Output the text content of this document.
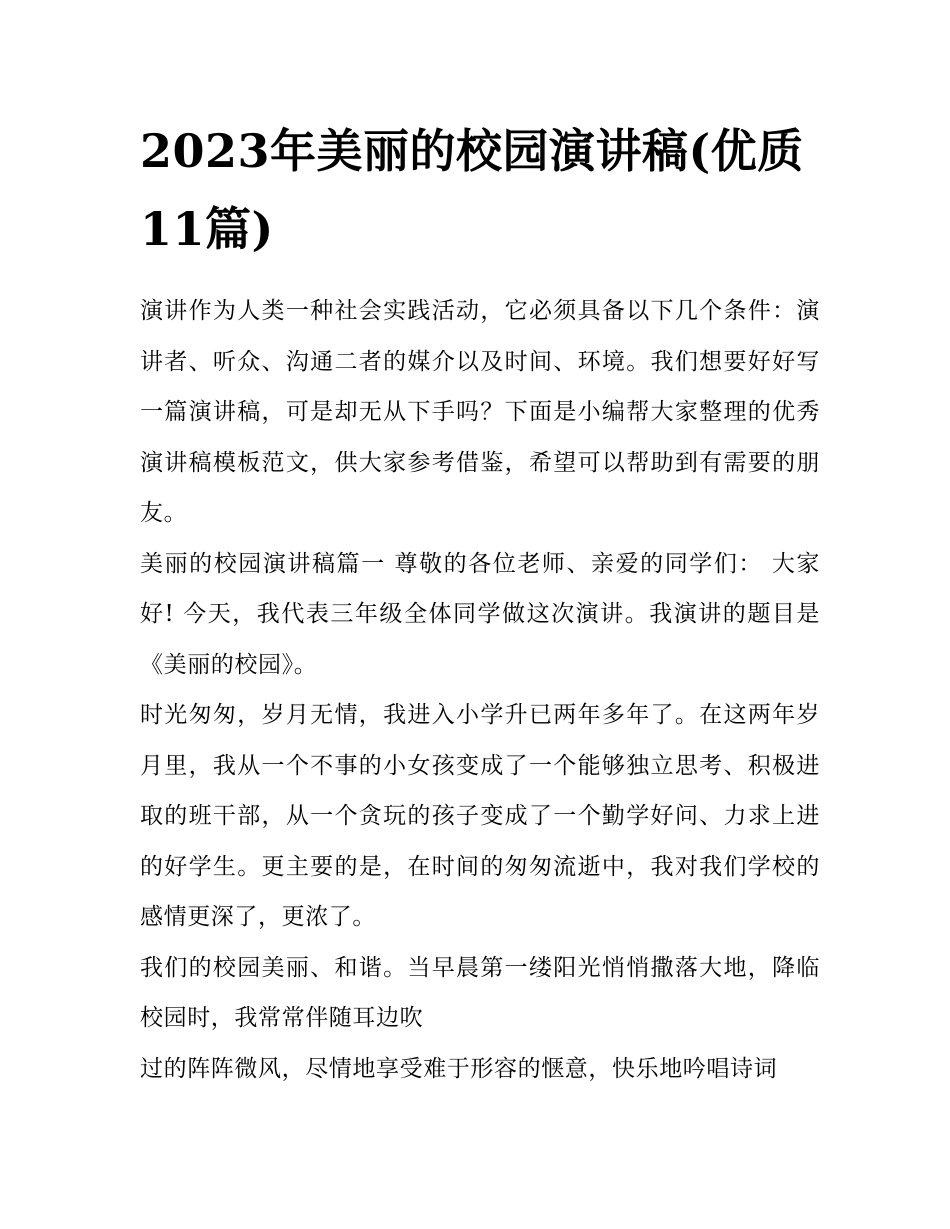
2023年美丽的校园演讲稿(优质11篇)

演讲作为人类一种社会实践活动，它必须具备以下几个条件：演讲者、听众、沟通二者的媒介以及时间、环境。我们想要好好写一篇演讲稿，可是却无从下手吗？下面是小编帮大家整理的优秀演讲稿模板范文，供大家参考借鉴，希望可以帮助到有需要的朋友。

美丽的校园演讲稿篇一 尊敬的各位老师、亲爱的同学们： 大家好! 今天，我代表三年级全体同学做这次演讲。我演讲的题目是《美丽的校园》。

时光匆匆，岁月无情，我进入小学升已两年多年了。在这两年岁月里，我从一个不事的小女孩变成了一个能够独立思考、积极进取的班干部，从一个贪玩的孩子变成了一个勤学好问、力求上进的好学生。更主要的是，在时间的匆匆流逝中，我对我们学校的感情更深了，更浓了。

我们的校园美丽、和谐。当早晨第一缕阳光悄悄撒落大地，降临校园时，我常常伴随耳边吹

过的阵阵微风，尽情地享受难于形容的惬意，快乐地吟唱诗词
